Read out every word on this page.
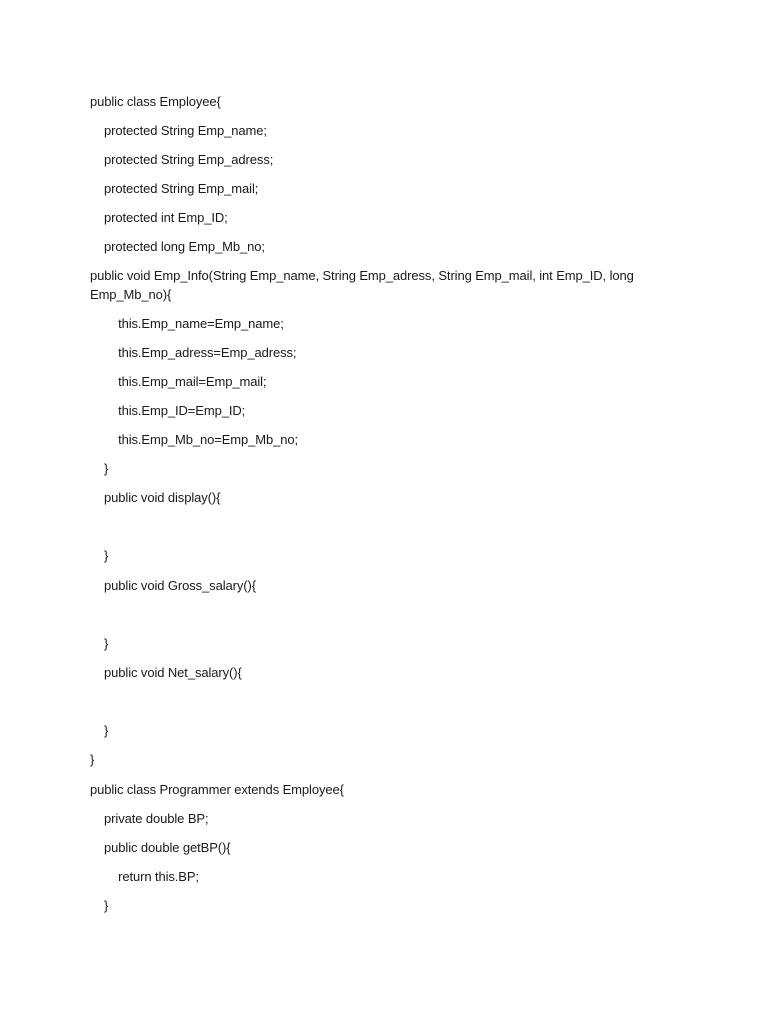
public class Employee{
protected String Emp_name;
protected String Emp_adress;
protected String Emp_mail;
protected int Emp_ID;
protected long Emp_Mb_no;
public void Emp_Info(String Emp_name, String Emp_adress, String Emp_mail, int Emp_ID, long Emp_Mb_no){
this.Emp_name=Emp_name;
this.Emp_adress=Emp_adress;
this.Emp_mail=Emp_mail;
this.Emp_ID=Emp_ID;
this.Emp_Mb_no=Emp_Mb_no;
}
public void display(){
}
public void Gross_salary(){
}
public void Net_salary(){
}
}
public class Programmer extends Employee{
private double BP;
public double getBP(){
return this.BP;
}
